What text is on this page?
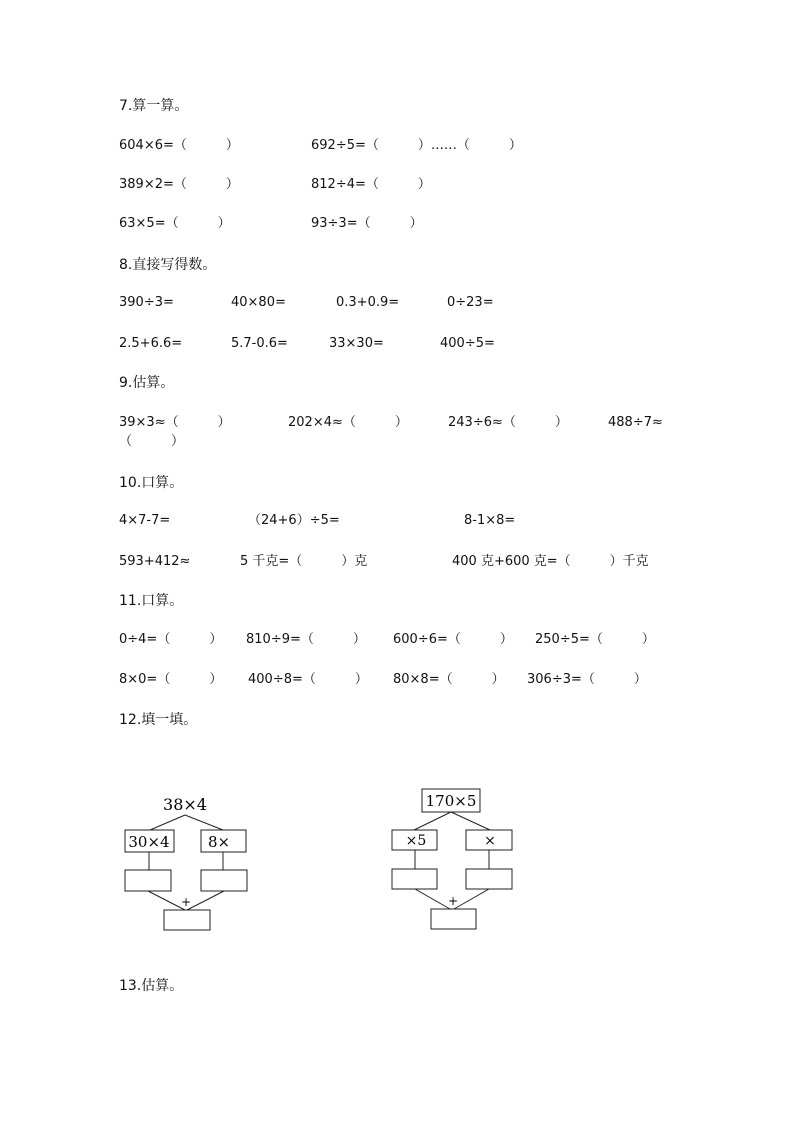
7.算一算。
604×6=（　　　）	692÷5=（　　　）……（　　　）
389×2=（　　　）	812÷4=（　　　）
63×5=（　　　）	93÷3=（　　　）
8.直接写得数。
390÷3=	40×80=	0.3+0.9=	0÷23=
2.5+6.6=	5.7-0.6=	33×30=	400÷5=
9.估算。
39×3≈（　　　）	202×4≈（　　　）	243÷6≈（　　　）	488÷7≈
（　　　）
10.口算。
4×7-7=	（24+6）÷5=	8-1×8=
593+412≈	5 千克=（　　　）克	400 克+600 克=（　　　）千克
11.口算。
0÷4=（　　　） 810÷9=（　　　） 600÷6=（　　　） 250÷5=（　　　）
8×0=（　　　） 400÷8=（　　　） 80×8=（　　　） 306÷3=（　　　）
12.填一填。
38×4
30×4	8×
+
170×5
×5	×
+
13.估算。
